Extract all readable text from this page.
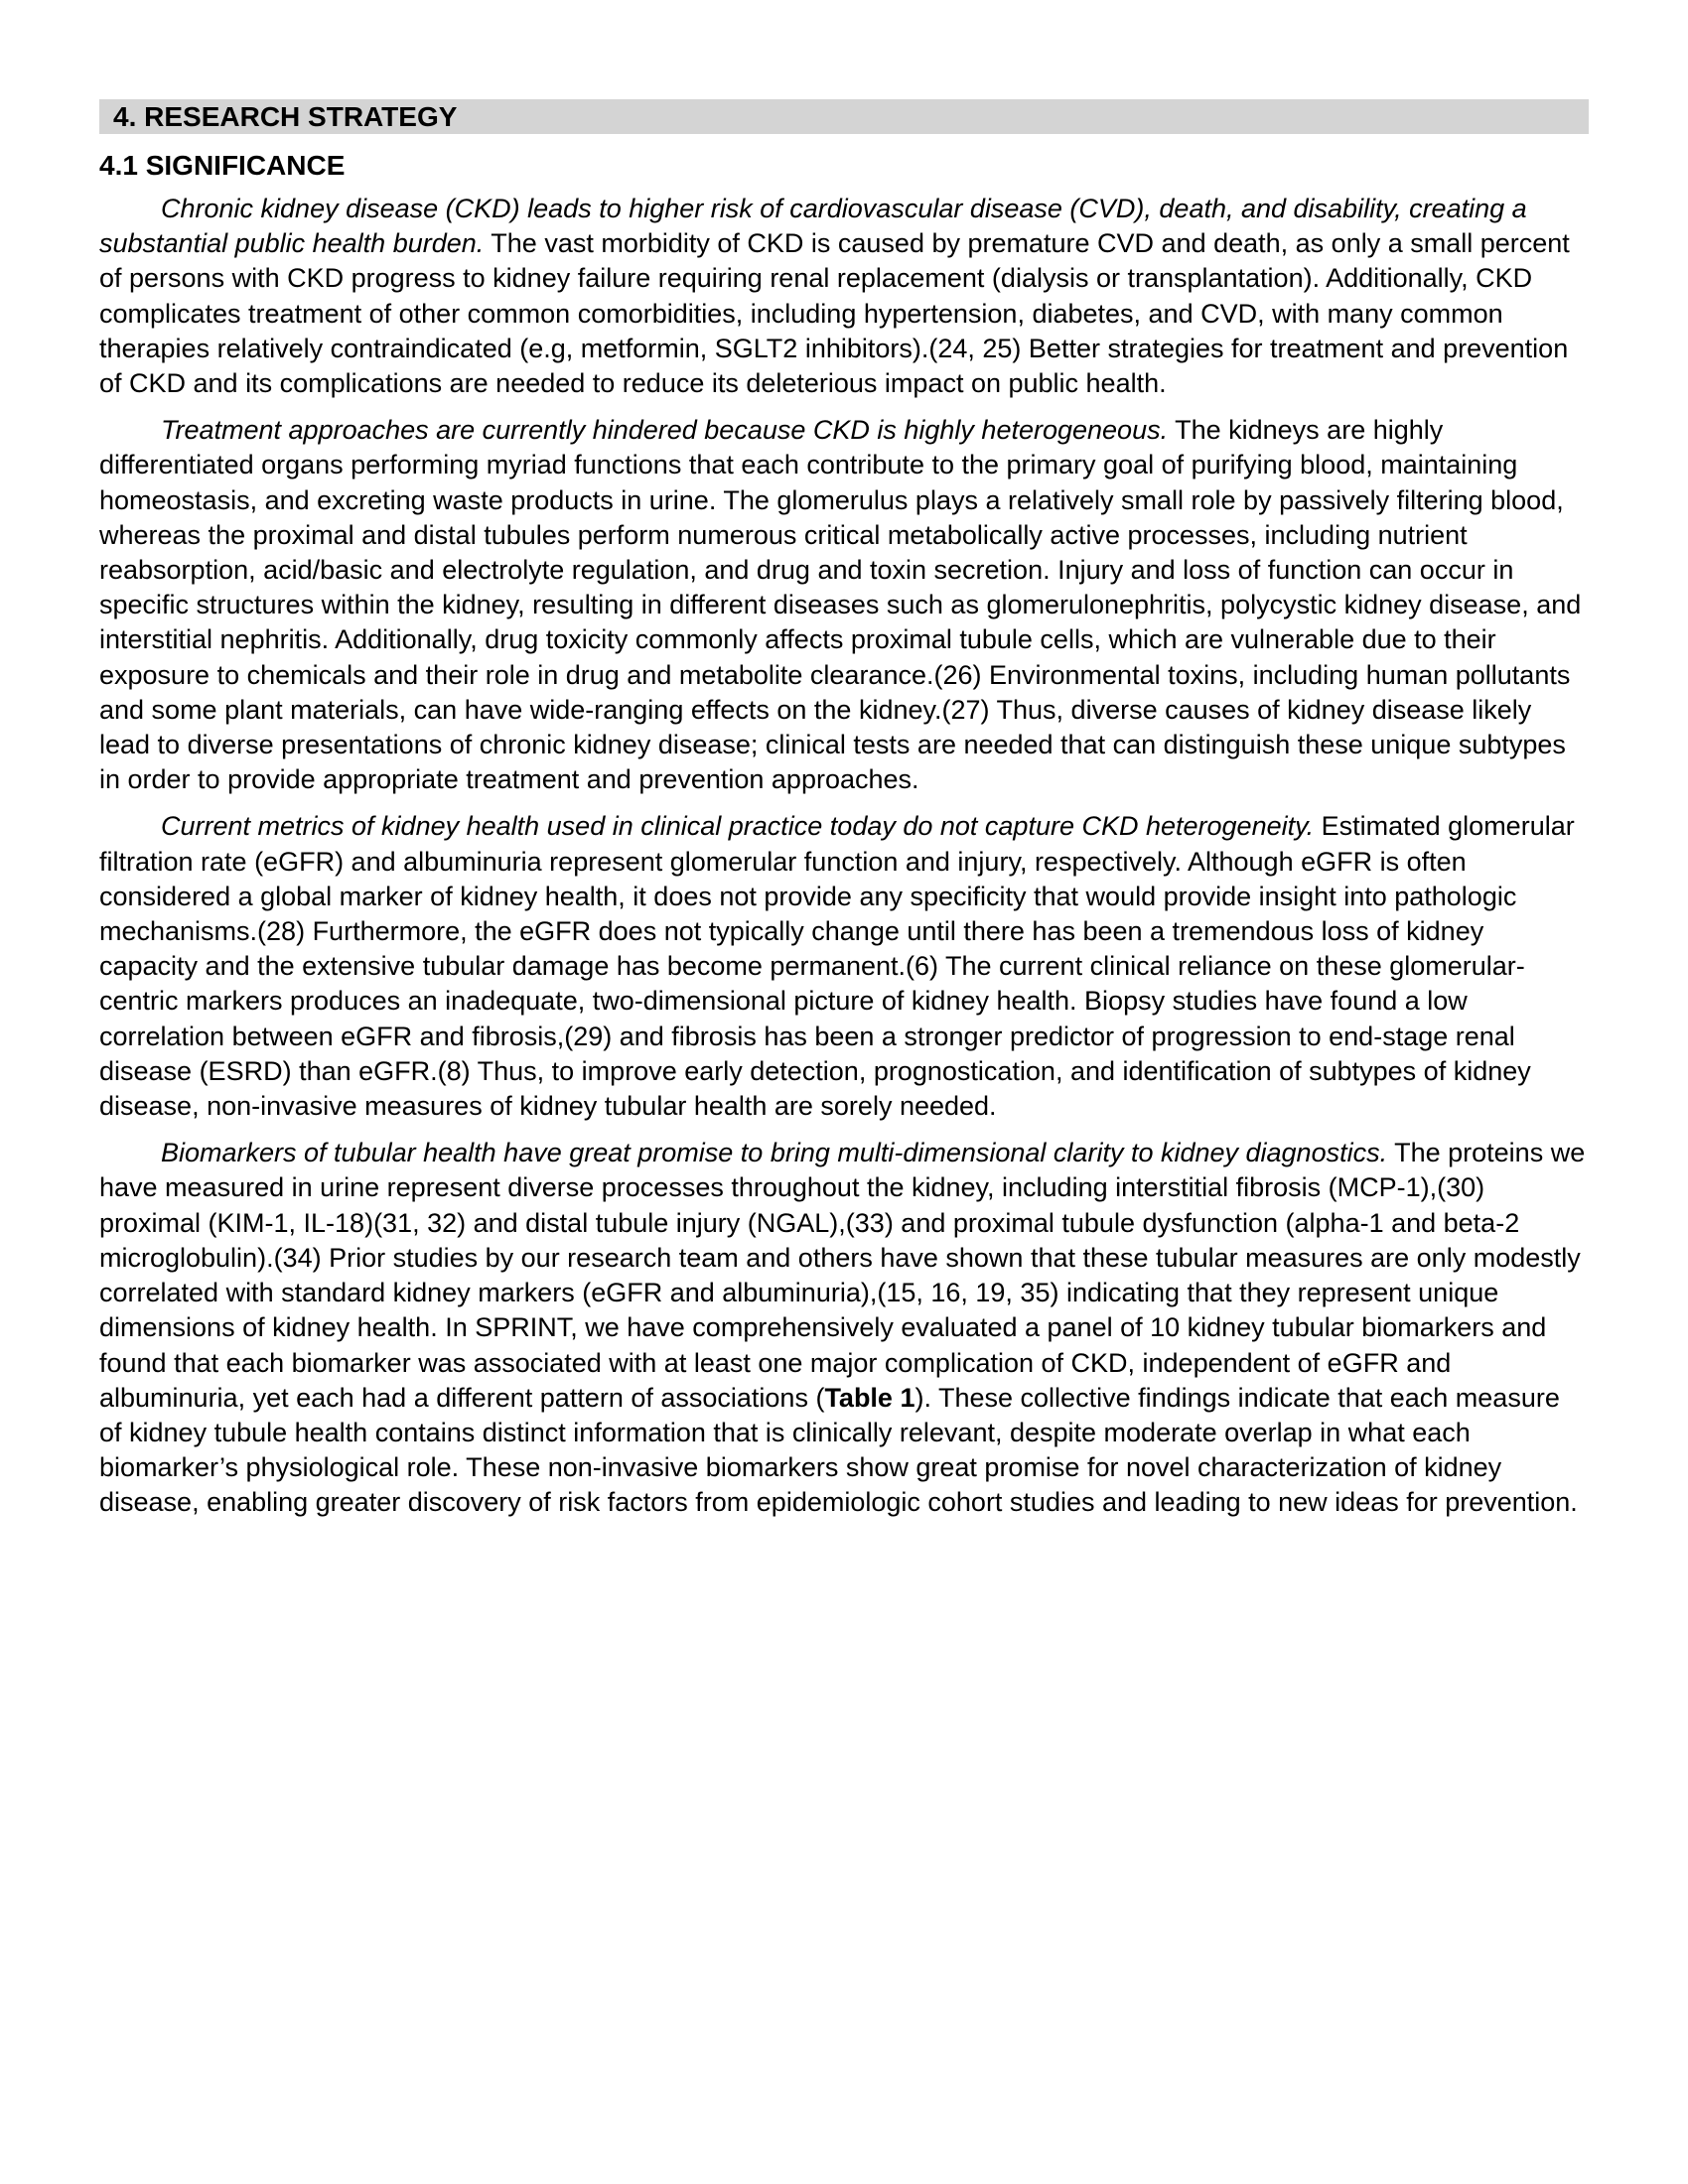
4. RESEARCH STRATEGY
4.1 SIGNIFICANCE

Chronic kidney disease (CKD) leads to higher risk of cardiovascular disease (CVD), death, and disability, creating a substantial public health burden. The vast morbidity of CKD is caused by premature CVD and death, as only a small percent of persons with CKD progress to kidney failure requiring renal replacement (dialysis or transplantation). Additionally, CKD complicates treatment of other common comorbidities, including hypertension, diabetes, and CVD, with many common therapies relatively contraindicated (e.g, metformin, SGLT2 inhibitors).(24, 25) Better strategies for treatment and prevention of CKD and its complications are needed to reduce its deleterious impact on public health.

Treatment approaches are currently hindered because CKD is highly heterogeneous. The kidneys are highly differentiated organs performing myriad functions that each contribute to the primary goal of purifying blood, maintaining homeostasis, and excreting waste products in urine. The glomerulus plays a relatively small role by passively filtering blood, whereas the proximal and distal tubules perform numerous critical metabolically active processes, including nutrient reabsorption, acid/basic and electrolyte regulation, and drug and toxin secretion. Injury and loss of function can occur in specific structures within the kidney, resulting in different diseases such as glomerulonephritis, polycystic kidney disease, and interstitial nephritis. Additionally, drug toxicity commonly affects proximal tubule cells, which are vulnerable due to their exposure to chemicals and their role in drug and metabolite clearance.(26) Environmental toxins, including human pollutants and some plant materials, can have wide-ranging effects on the kidney.(27) Thus, diverse causes of kidney disease likely lead to diverse presentations of chronic kidney disease; clinical tests are needed that can distinguish these unique subtypes in order to provide appropriate treatment and prevention approaches.

Current metrics of kidney health used in clinical practice today do not capture CKD heterogeneity. Estimated glomerular filtration rate (eGFR) and albuminuria represent glomerular function and injury, respectively. Although eGFR is often considered a global marker of kidney health, it does not provide any specificity that would provide insight into pathologic mechanisms.(28) Furthermore, the eGFR does not typically change until there has been a tremendous loss of kidney capacity and the extensive tubular damage has become permanent.(6) The current clinical reliance on these glomerular-centric markers produces an inadequate, two-dimensional picture of kidney health. Biopsy studies have found a low correlation between eGFR and fibrosis,(29) and fibrosis has been a stronger predictor of progression to end-stage renal disease (ESRD) than eGFR.(8) Thus, to improve early detection, prognostication, and identification of subtypes of kidney disease, non-invasive measures of kidney tubular health are sorely needed.

Biomarkers of tubular health have great promise to bring multi-dimensional clarity to kidney diagnostics. The proteins we have measured in urine represent diverse processes throughout the kidney, including interstitial fibrosis (MCP-1),(30) proximal (KIM-1, IL-18)(31, 32) and distal tubule injury (NGAL),(33) and proximal tubule dysfunction (alpha-1 and beta-2 microglobulin).(34) Prior studies by our research team and others have shown that these tubular measures are only modestly correlated with standard kidney markers (eGFR and albuminuria),(15, 16, 19, 35) indicating that they represent unique dimensions of kidney health. In SPRINT, we have comprehensively evaluated a panel of 10 kidney tubular biomarkers and found that each biomarker was associated with at least one major complication of CKD, independent of eGFR and albuminuria, yet each had a different pattern of associations (Table 1). These collective findings indicate that each measure of kidney tubule health contains distinct information that is clinically relevant, despite moderate overlap in what each biomarker’s physiological role. These non-invasive biomarkers show great promise for novel characterization of kidney disease, enabling greater discovery of risk factors from epidemiologic cohort studies and leading to new ideas for prevention.
